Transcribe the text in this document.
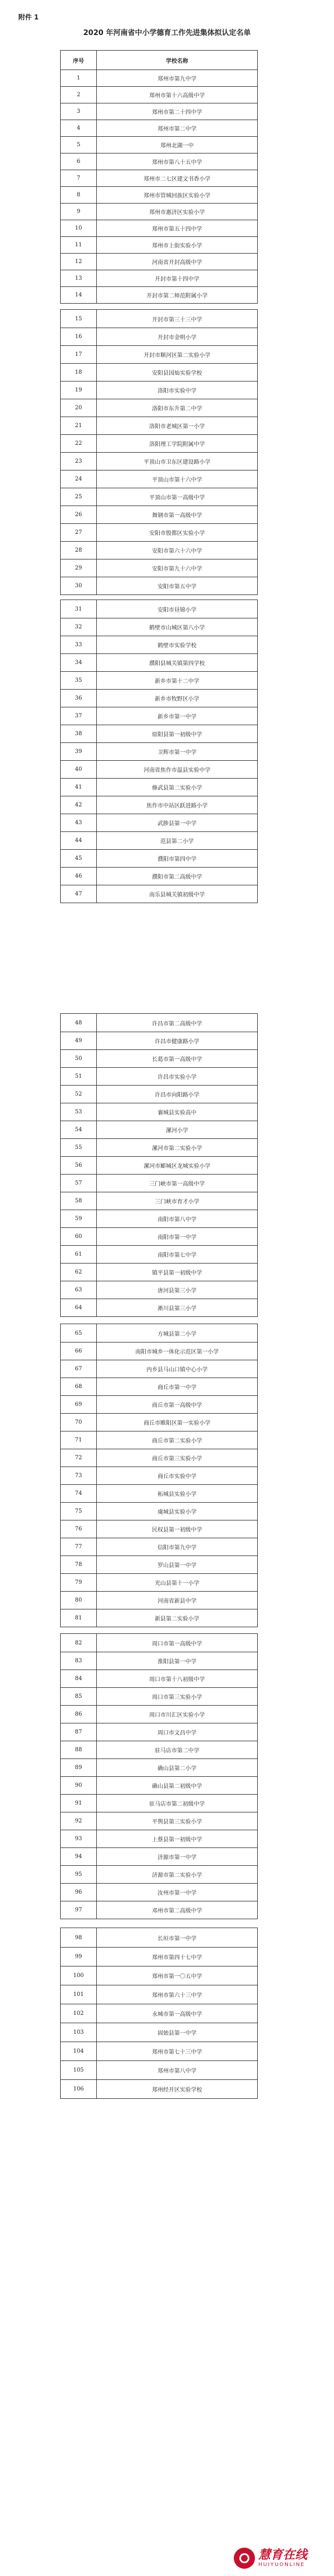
附件 1
2020 年河南省中小学德育工作先进集体拟认定名单
序号	学校名称
1	郑州市第九中学
2	郑州市第十六高级中学
3	郑州市第二十四中学
4	郑州市第二中学
5	郑州北湖一中
6	郑州市第八十五中学
7	郑州市二七区建文书香小学
8	郑州市管城回族区实验小学
9	郑州市惠济区实验小学
10	郑州市第五十四中学
11	郑州市上街实验小学
12	河南省开封高级中学
13	开封市第十四中学
14	开封市第二师范附属小学
15	开封市第三十三中学
16	开封市金明小学
17	开封市顺河区第二实验小学
18	安阳县国灿实验学校
19	洛阳市实验中学
20	洛阳市东升第二中学
21	洛阳市老城区第一小学
22	洛阳理工学院附属中学
23	平顶山市卫东区建设路小学
24	平顶山市第十六中学
25	平顶山市第一高级中学
26	舞钢市第一高级中学
27	安阳市殷都区实验小学
28	安阳市第六十六中学
29	安阳市第九十六中学
30	安阳市第五中学
31	安阳市昼锦小学
32	鹤壁市山城区第八小学
33	鹤壁市实验学校
34	濮阳县城关镇第四学校
35	新乡市第十二中学
36	新乡市牧野区小学
37	新乡市第一中学
38	原阳县第一初级中学
39	卫辉市第一中学
40	河南省焦作市温县实验中学
41	修武县第二实验小学
42	焦作市中站区跃进路小学
43	武陟县第一中学
44	范县第二小学
45	濮阳市第四中学
46	濮阳市第二高级中学
47	南乐县城关镇初级中学
48	许昌市第二高级中学
49	许昌市健康路小学
50	长葛市第一高级中学
51	许昌市实验小学
52	许昌市向阳路小学
53	襄城县实验高中
54	漯河小学
55	漯河市第二实验小学
56	漯河市郾城区龙城实验小学
57	三门峡市第一高级中学
58	三门峡市育才小学
59	南阳市第八中学
60	南阳市第一中学
61	南阳市第七中学
62	镇平县第一初级中学
63	唐河县第三小学
64	淅川县第三小学
65	方城县第二小学
66	南阳市城乡一体化示范区第一小学
67	内乡县马山口镇中心小学
68	商丘市第一中学
69	商丘市第一高级中学
70	商丘市睢阳区第一实验小学
71	商丘市第二实验小学
72	商丘市第三实验小学
73	商丘市实验中学
74	柘城县实验小学
75	虞城县实验小学
76	民权县第一初级中学
77	信阳市第九中学
78	罗山县第一中学
79	光山县第十一小学
80	河南省新县中学
81	新县第二实验小学
82	周口市第一高级中学
83	淮阳县第一中学
84	周口市第十八初级中学
85	周口市第三实验小学
86	周口市川汇区实验小学
87	周口市文昌中学
88	驻马店市第二中学
89	确山县第二小学
90	确山县第二初级中学
91	驻马店市第二初级中学
92	平舆县第三实验小学
93	上蔡县第一初级中学
94	济源市第一中学
95	济源市第二实验小学
96	汝州市第一中学
97	邓州市第二高级中学
98	长垣市第一中学
99	郑州市第四十七中学
100	郑州市第一〇五中学
101	郑州市第六十三中学
102	永城市第一高级中学
103	固始县第一中学
104	郑州市第七十三中学
105	郑州市第八中学
106	郑州经开区实验学校
慧育在线
HUIYUONLINE
